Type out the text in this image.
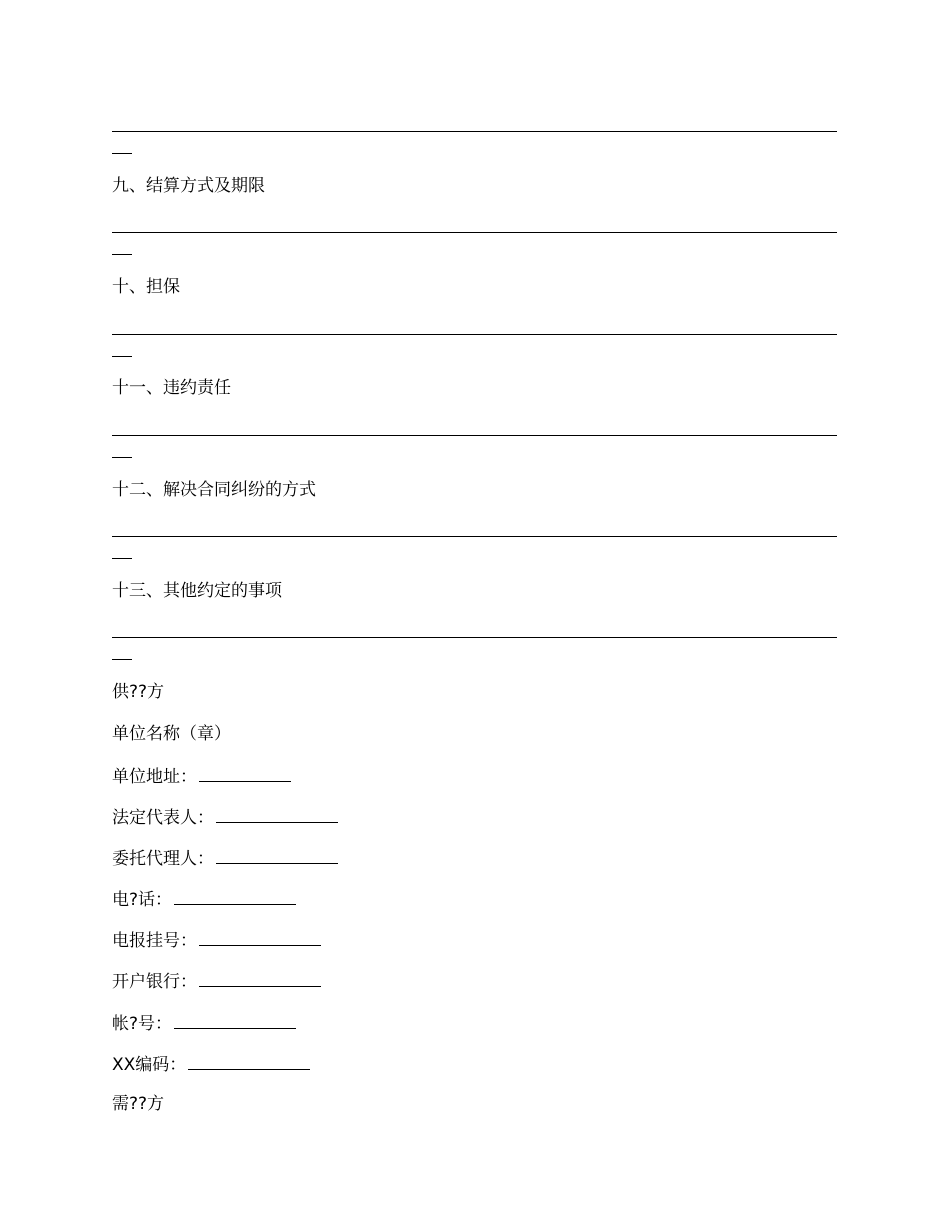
九、结算方式及期限
十、担保
十一、违约责任
十二、解决合同纠纷的方式
十三、其他约定的事项
供??方
单位名称（章）
单位地址：
法定代表人：
委托代理人：
电?话：
电报挂号：
开户银行：
帐?号：
XX编码：
需??方
